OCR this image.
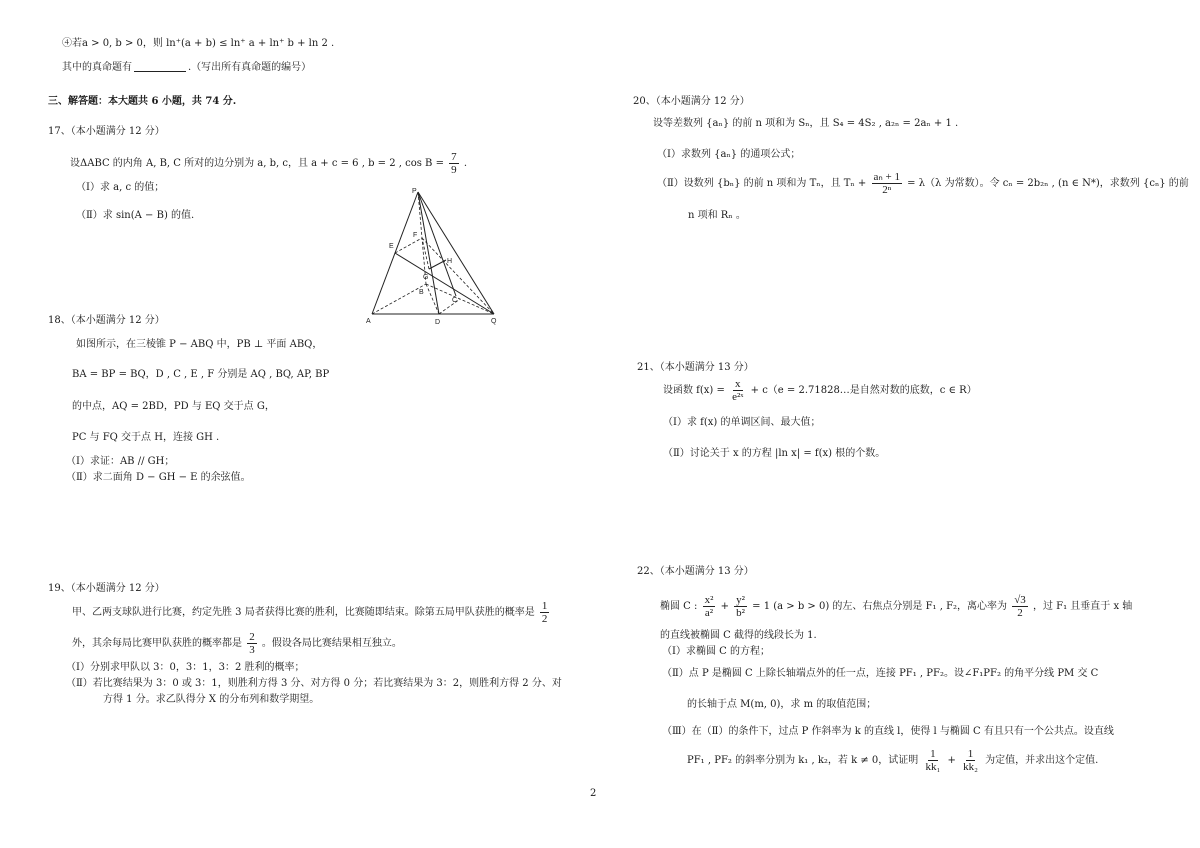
④若a > 0, b > 0，则 ln⁺(a + b) ≤ ln⁺ a + ln⁺ b + ln 2 .
其中的真命题有	.（写出所有真命题的编号）
三、解答题：本大题共 6 小题，共 74 分.
17、（本小题满分 12 分）
设ΔABC 的内角 A, B, C 所对的边分别为 a, b, c，且 a + c = 6 , b = 2 , $\cos B = \frac{7}{9}$ .
（Ⅰ）求 a, c 的值；
（Ⅱ）求 sin(A − B) 的值.
P
E
F
H
G
B
C
A	D	Q
18、（本小题满分 12 分）
如图所示，在三棱锥 P − ABQ 中，PB ⊥ 平面 ABQ，
BA = BP = BQ，D , C , E , F 分别是 AQ , BQ, AP, BP
的中点，AQ = 2BD，PD 与 EQ 交于点 G，
PC 与 FQ 交于点 H，连接 GH .
（Ⅰ）求证：AB // GH；
（Ⅱ）求二面角 D − GH − E 的余弦值。
19、（本小题满分 12 分）
甲、乙两支球队进行比赛，约定先胜 3 局者获得比赛的胜利，比赛随即结束。除第五局甲队获胜的概率是 $\frac{1}{2}$
外，其余每局比赛甲队获胜的概率都是 $\frac{2}{3}$ 。假设各局比赛结果相互独立。
（Ⅰ）分别求甲队以 3：0，3：1，3：2 胜利的概率；
（Ⅱ）若比赛结果为 3：0 或 3：1，则胜利方得 3 分、对方得 0 分；若比赛结果为 3：2，则胜利方得 2 分、对
方得 1 分。求乙队得分 X 的分布列和数学期望。
20、（本小题满分 12 分）
设等差数列 {aₙ} 的前 n 项和为 Sₙ，且 S₄ = 4S₂ , a₂ₙ = 2aₙ + 1 .
（Ⅰ）求数列 {aₙ} 的通项公式；
（Ⅱ）设数列 {bₙ} 的前 n 项和为 Tₙ，且 $T_n + \frac{\text{aₙ + 1}}{\text{2ⁿ}} = \lambda(\lambda$ 为常数）。令 cₙ = 2b₂ₙ , (n ∈ N*)，求数列 {cₙ} 的前
n 项和 Rₙ 。
21、（本小题满分 13 分）
设函数 $f(x) = \frac{x}{\text{e²ˣ}} + c(e$ = 2.71828…是自然对数的底数，c ∈ R）
（Ⅰ）求 f(x) 的单调区间、最大值；
（Ⅱ）讨论关于 x 的方程 |ln x| = f(x) 根的个数。
22、（本小题满分 13 分）
椭圆 C : $\frac{\text{x²}}{\text{a²}} + \frac{\text{y²}}{\text{b²}} = 1$ (a > b > 0) 的左、右焦点分别是 F₁ , F₂，离心率为 $\frac{√3}{2}$ ，过 F₁ 且垂直于 x 轴
的直线被椭圆 C 截得的线段长为 1.
（Ⅰ）求椭圆 C 的方程；
（Ⅱ）点 P 是椭圆 C 上除长轴端点外的任一点，连接 PF₁ , PF₂。设∠F₁PF₂ 的角平分线 PM 交 C
的长轴于点 M(m, 0)，求 m 的取值范围；
（Ⅲ）在（Ⅱ）的条件下，过点 P 作斜率为 k 的直线 l，使得 l 与椭圆 C 有且只有一个公共点。设直线
PF₁ , PF₂ 的斜率分别为 k₁ , k₂，若 k ≠ 0，试证明 $\frac{1}{\text{kk₁}} + \frac{1}{\text{kk₂}}$ 为定值，并求出这个定值.
2
